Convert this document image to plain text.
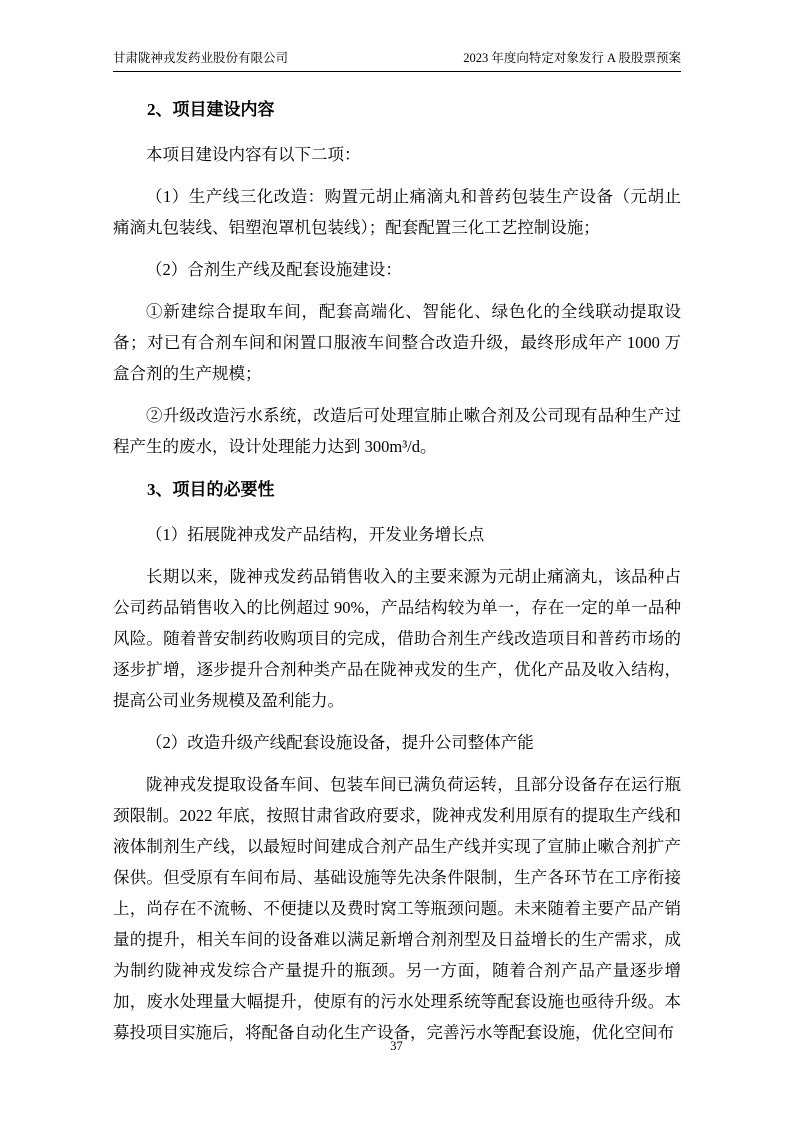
甘肃陇神戎发药业股份有限公司	2023 年度向特定对象发行 A 股股票预案
2、项目建设内容

本项目建设内容有以下二项：

（1）生产线三化改造：购置元胡止痛滴丸和普药包装生产设备（元胡止痛滴丸包装线、铝塑泡罩机包装线）；配套配置三化工艺控制设施；

（2）合剂生产线及配套设施建设：

①新建综合提取车间，配套高端化、智能化、绿色化的全线联动提取设备；对已有合剂车间和闲置口服液车间整合改造升级，最终形成年产 1000 万盒合剂的生产规模；

②升级改造污水系统，改造后可处理宣肺止嗽合剂及公司现有品种生产过程产生的废水，设计处理能力达到 300m³/d。

3、项目的必要性

（1）拓展陇神戎发产品结构，开发业务增长点

长期以来，陇神戎发药品销售收入的主要来源为元胡止痛滴丸，该品种占公司药品销售收入的比例超过 90%，产品结构较为单一，存在一定的单一品种风险。随着普安制药收购项目的完成，借助合剂生产线改造项目和普药市场的逐步扩增，逐步提升合剂种类产品在陇神戎发的生产，优化产品及收入结构，提高公司业务规模及盈利能力。

（2）改造升级产线配套设施设备，提升公司整体产能

陇神戎发提取设备车间、包装车间已满负荷运转，且部分设备存在运行瓶颈限制。2022 年底，按照甘肃省政府要求，陇神戎发利用原有的提取生产线和液体制剂生产线，以最短时间建成合剂产品生产线并实现了宣肺止嗽合剂扩产保供。但受原有车间布局、基础设施等先决条件限制，生产各环节在工序衔接上，尚存在不流畅、不便捷以及费时窝工等瓶颈问题。未来随着主要产品产销量的提升，相关车间的设备难以满足新增合剂剂型及日益增长的生产需求，成为制约陇神戎发综合产量提升的瓶颈。另一方面，随着合剂产品产量逐步增加，废水处理量大幅提升，使原有的污水处理系统等配套设施也亟待升级。本募投项目实施后，将配备自动化生产设备，完善污水等配套设施，优化空间布

37
